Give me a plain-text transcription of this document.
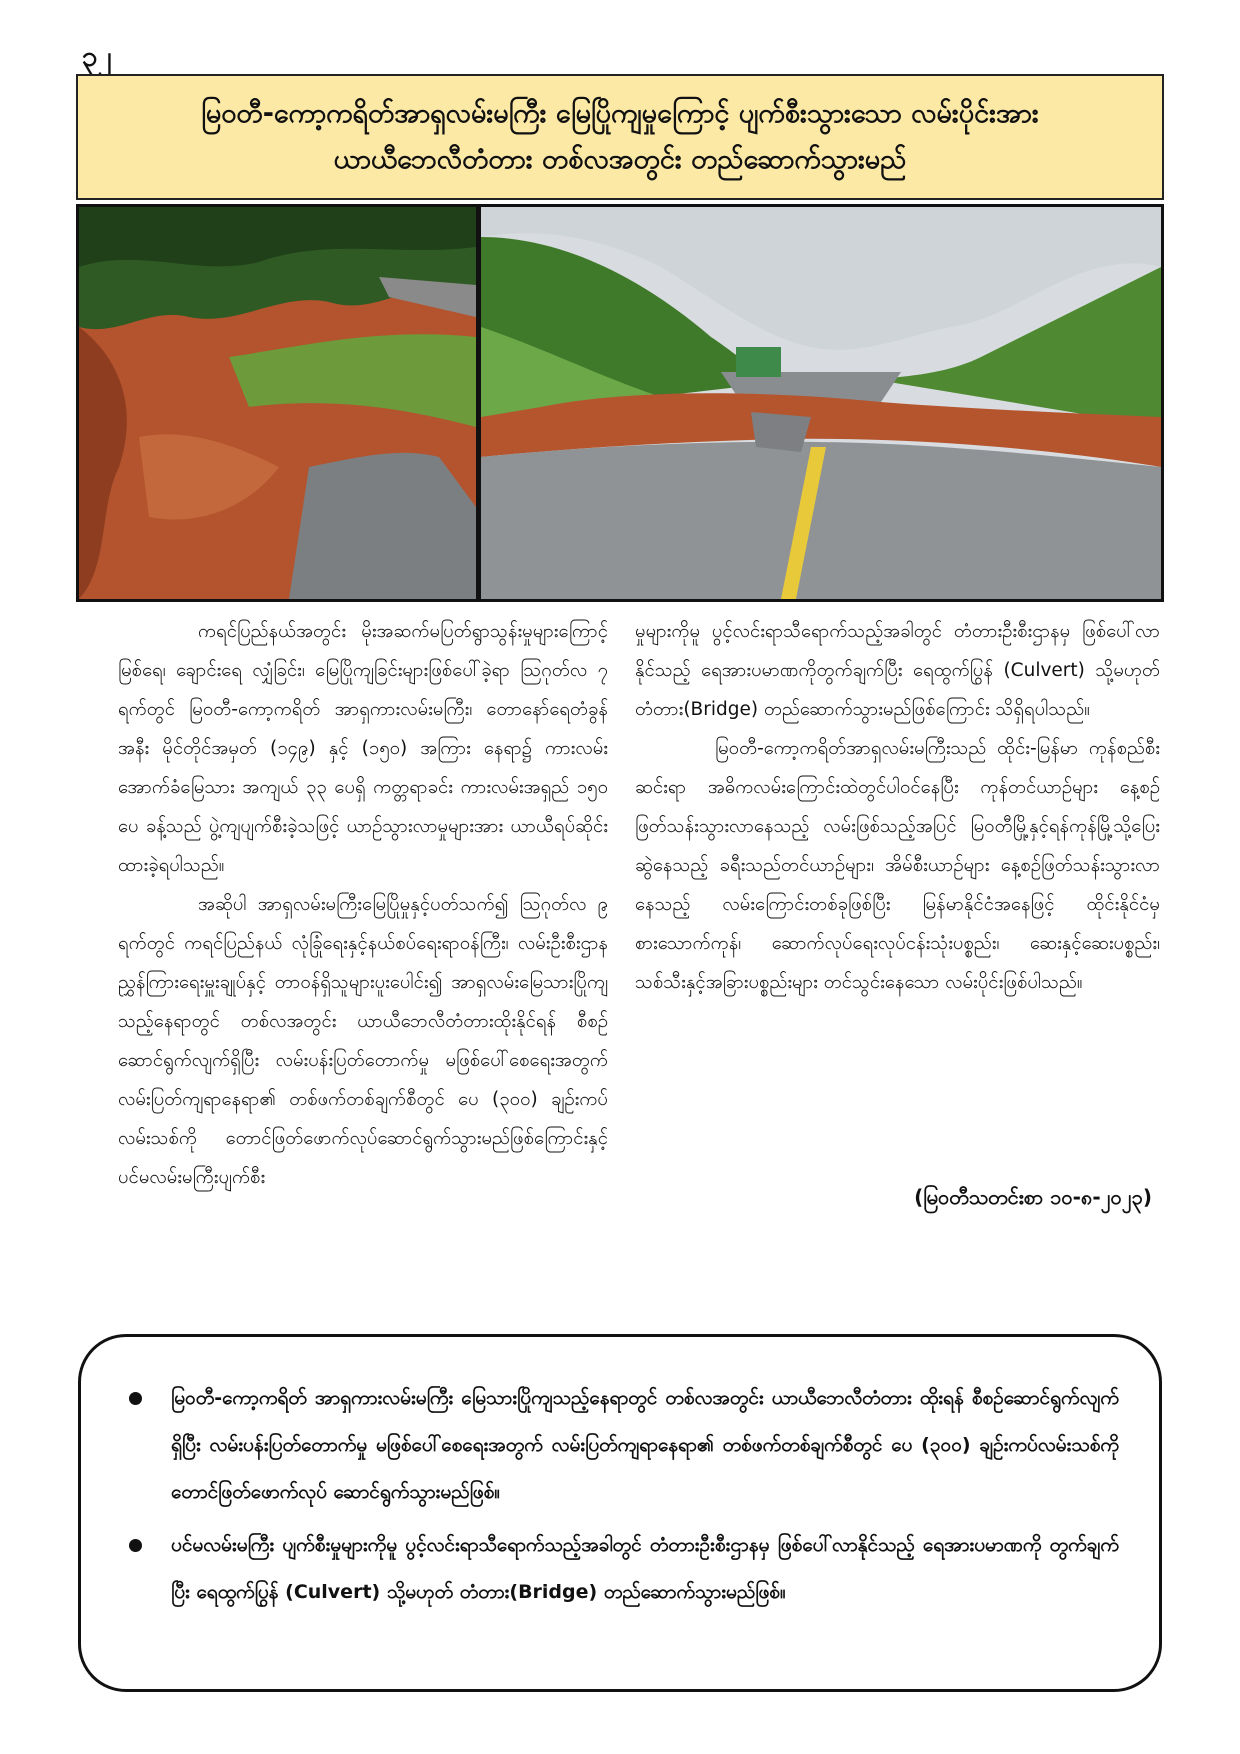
၃၂
မြဝတီ-ကော့ကရိတ်အာရှလမ်းမကြီး မြေပြိုကျမှုကြောင့် ပျက်စီးသွားသော လမ်းပိုင်းအား
ယာယီဘေလီတံတား တစ်လအတွင်း တည်ဆောက်သွားမည်

ကရင်ပြည်နယ်အတွင်း မိုးအဆက်မပြတ်ရွာသွန်းမှုများကြောင့် မြစ်ရေ၊ ချောင်းရေ လျှံခြင်း၊ မြေပြိုကျခြင်းများဖြစ်ပေါ်ခဲ့ရာ ဩဂုတ်လ ၇ ရက်တွင် မြဝတီ-ကော့ကရိတ် အာရှကားလမ်းမကြီး၊ တောနော်ရေတံခွန်အနီး မိုင်တိုင်အမှတ် (၁၄၉) နှင့် (၁၅၀) အကြား နေရာ၌ ကားလမ်းအောက်ခံမြေသား အကျယ် ၃၃ ပေရှိ ကတ္တရာခင်း ကားလမ်းအရှည် ၁၅၀ ပေ ခန့်သည် ပွဲ့ကျပျက်စီးခဲ့သဖြင့် ယာဉ်သွားလာမှုများအား ယာယီရပ်ဆိုင်းထားခဲ့ရပါသည်။

အဆိုပါ အာရှလမ်းမကြီးမြေပြိုမှုနှင့်ပတ်သက်၍ ဩဂုတ်လ ၉ ရက်တွင် ကရင်ပြည်နယ် လုံခြုံရေးနှင့်နယ်စပ်ရေးရာဝန်ကြီး၊ လမ်းဦးစီးဌာန ညွှန်ကြားရေးမှူးချုပ်နှင့် တာဝန်ရှိသူများပူးပေါင်း၍ အာရှလမ်းမြေသားပြိုကျသည့်နေရာတွင် တစ်လအတွင်း ယာယီဘေလီတံတားထိုးနိုင်ရန် စီစဉ်ဆောင်ရွက်လျက်ရှိပြီး လမ်းပန်းပြတ်တောက်မှု မဖြစ်ပေါ်စေရေးအတွက် လမ်းပြတ်ကျရာနေရာ၏ တစ်ဖက်တစ်ချက်စီတွင် ပေ (၃၀၀) ချဉ်းကပ်လမ်းသစ်ကို တောင်ဖြတ်ဖောက်လုပ်ဆောင်ရွက်သွားမည်ဖြစ်ကြောင်းနှင့် ပင်မလမ်းမကြီးပျက်စီး

မှုများကိုမူ ပွင့်လင်းရာသီရောက်သည့်အခါတွင် တံတားဦးစီးဌာနမှ ဖြစ်ပေါ်လာနိုင်သည့် ရေအားပမာဏကိုတွက်ချက်ပြီး ရေထွက်ပြွန် (Culvert) သို့မဟုတ် တံတား(Bridge) တည်ဆောက်သွားမည်ဖြစ်ကြောင်း သိရှိရပါသည်။

မြဝတီ-ကော့ကရိတ်အာရှလမ်းမကြီးသည် ထိုင်း-မြန်မာ ကုန်စည်စီးဆင်းရာ အဓိကလမ်းကြောင်းထဲတွင်ပါဝင်နေပြီး ကုန်တင်ယာဉ်များ နေ့စဉ်ဖြတ်သန်းသွားလာနေသည့် လမ်းဖြစ်သည့်အပြင် မြဝတီမြို့နှင့်ရန်ကုန်မြို့သို့ပြေးဆွဲနေသည့် ခရီးသည်တင်ယာဉ်များ၊ အိမ်စီးယာဉ်များ နေ့စဉ်ဖြတ်သန်းသွားလာနေသည့် လမ်းကြောင်းတစ်ခုဖြစ်ပြီး မြန်မာနိုင်ငံအနေဖြင့် ထိုင်းနိုင်ငံမှစားသောက်ကုန်၊ ဆောက်လုပ်ရေးလုပ်ငန်းသုံးပစ္စည်း၊ ဆေးနှင့်ဆေးပစ္စည်း၊ သစ်သီးနှင့်အခြားပစ္စည်းများ တင်သွင်းနေသော လမ်းပိုင်းဖြစ်ပါသည်။

(မြဝတီသတင်းစာ ၁၀-၈-၂၀၂၃)
မြဝတီ-ကော့ကရိတ် အာရှကားလမ်းမကြီး မြေသားပြိုကျသည့်နေရာတွင် တစ်လအတွင်း ယာယီဘေလီတံတား ထိုးရန် စီစဉ်ဆောင်ရွက်လျက်ရှိပြီး လမ်းပန်းပြတ်တောက်မှု မဖြစ်ပေါ်စေရေးအတွက် လမ်းပြတ်ကျရာနေရာ၏ တစ်ဖက်တစ်ချက်စီတွင် ပေ (၃၀၀) ချဉ်းကပ်လမ်းသစ်ကို တောင်ဖြတ်ဖောက်လုပ် ဆောင်ရွက်သွားမည်ဖြစ်။
ပင်မလမ်းမကြီး ပျက်စီးမှုများကိုမူ ပွင့်လင်းရာသီရောက်သည့်အခါတွင် တံတားဦးစီးဌာနမှ ဖြစ်ပေါ်လာနိုင်သည့် ရေအားပမာဏကို တွက်ချက်ပြီး ရေထွက်ပြွန် (Culvert) သို့မဟုတ် တံတား(Bridge) တည်ဆောက်သွားမည်ဖြစ်။
